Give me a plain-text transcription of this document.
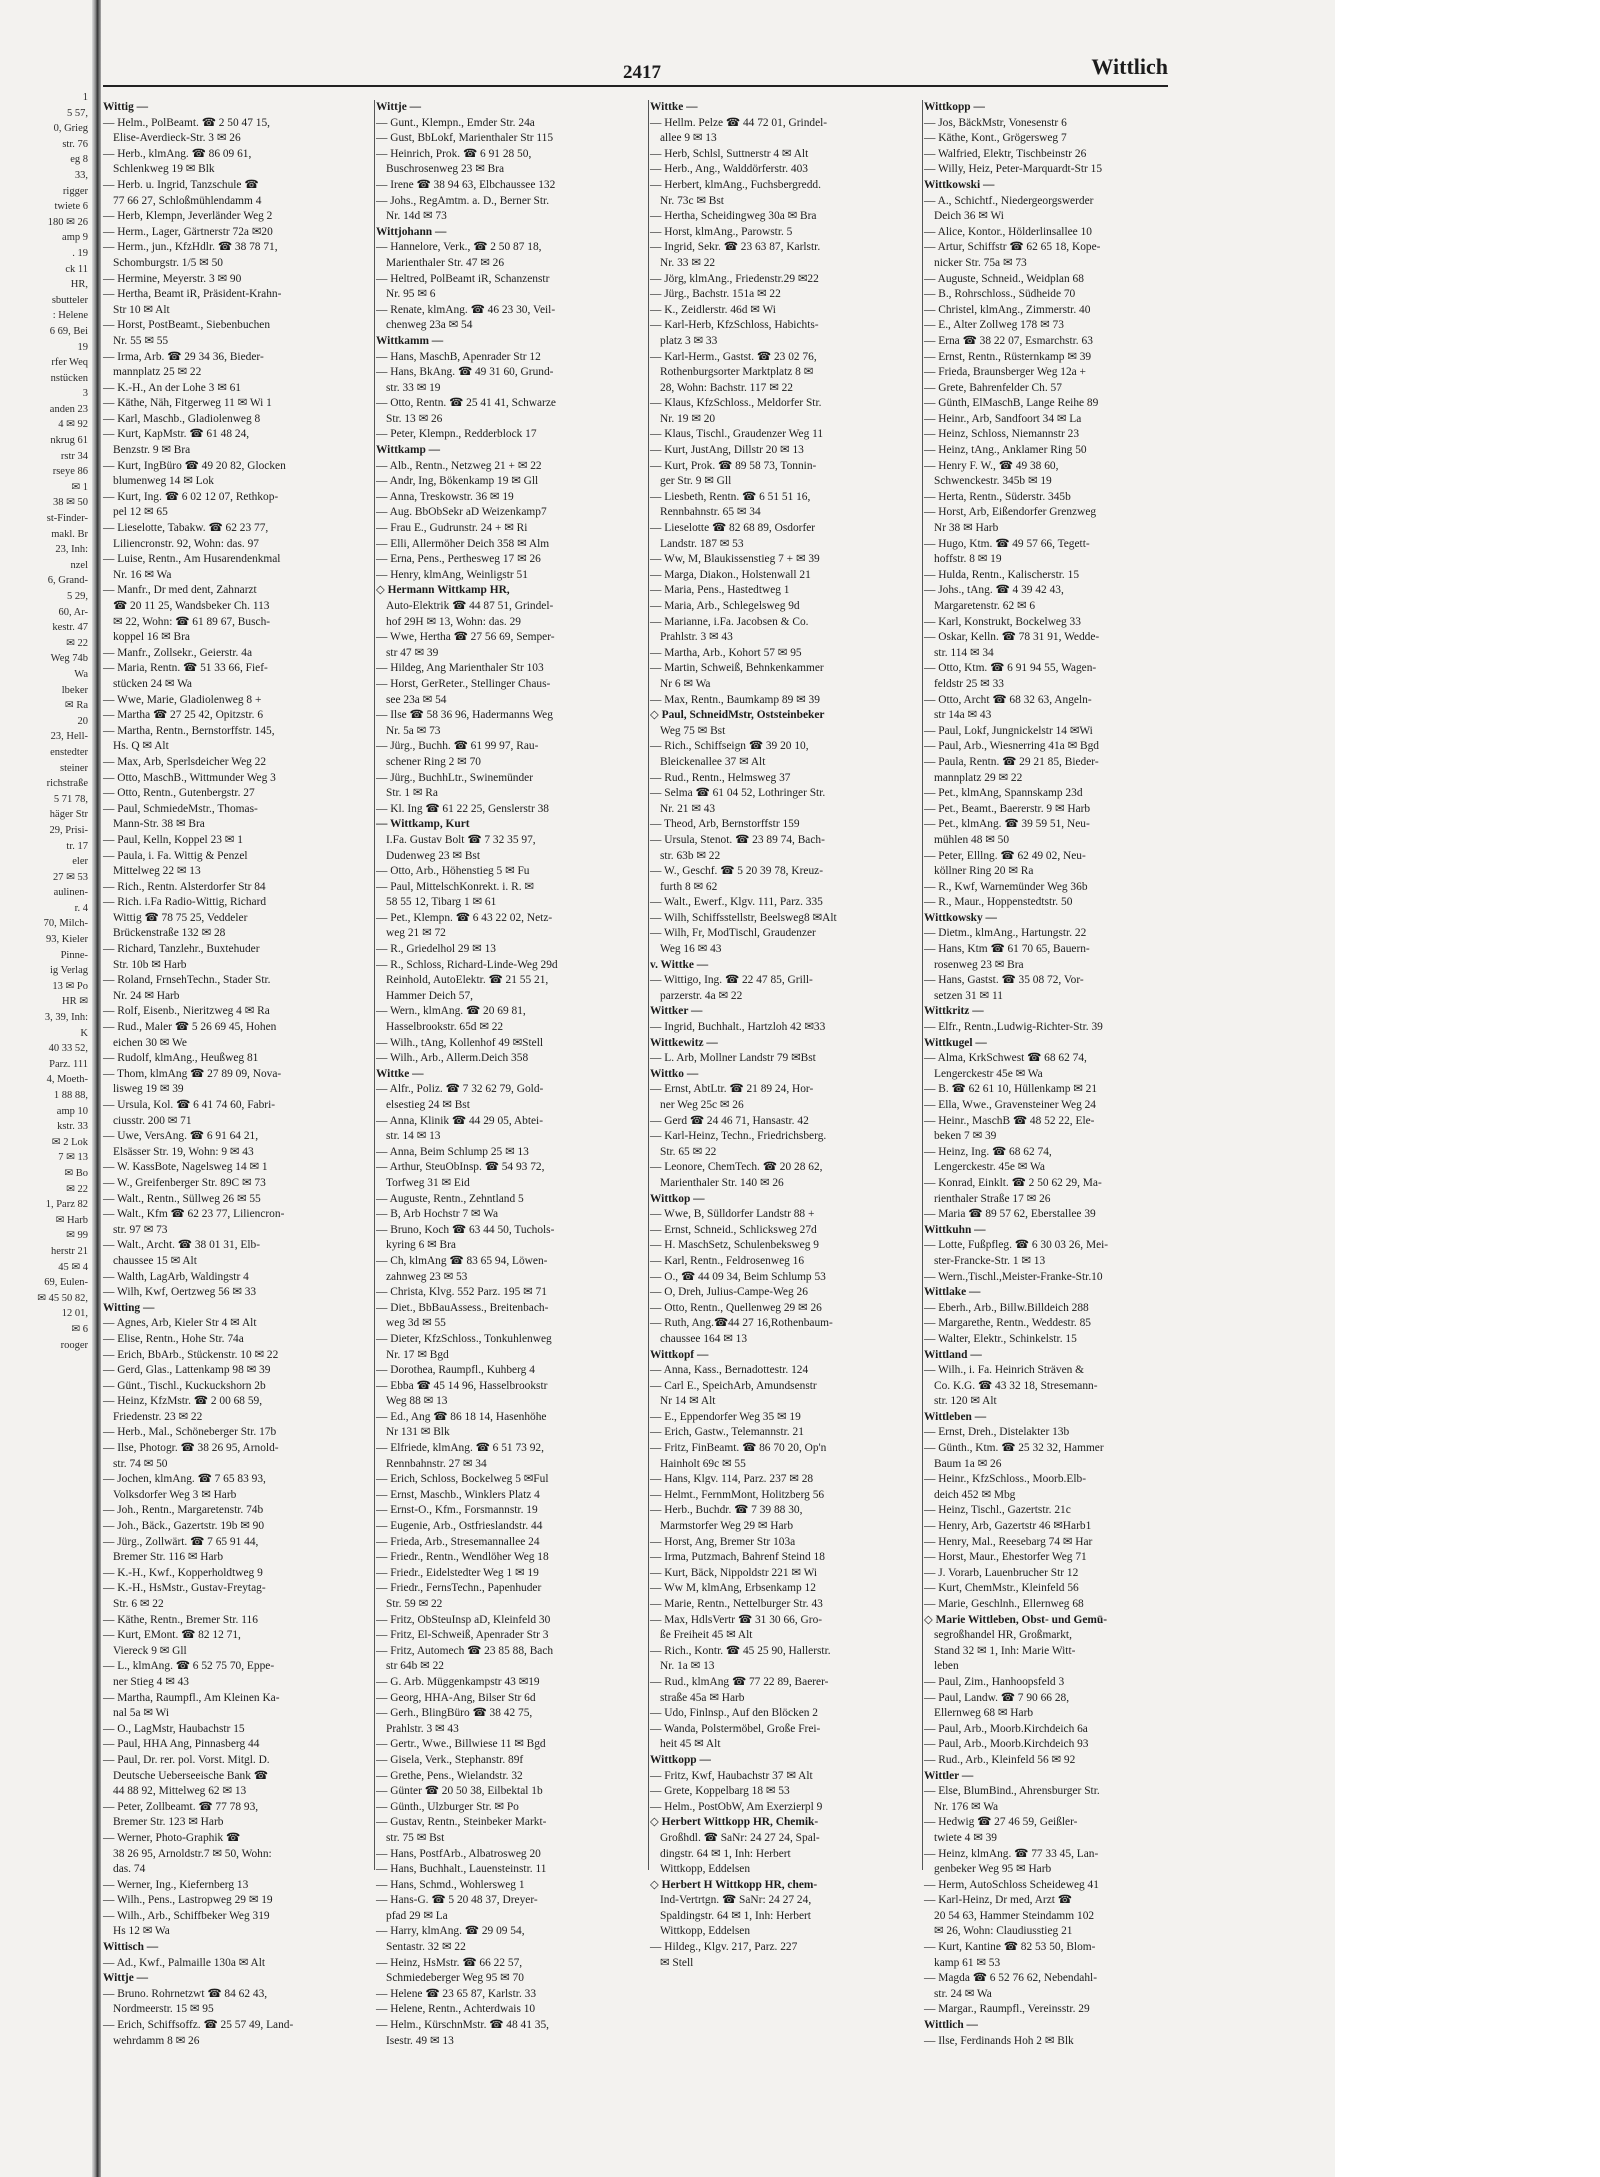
1
5 57,
0, Grieg
str. 76
eg 8
33,
rigger
twiete 6
180 ✉ 26
amp 9
. 19
ck 11
HR,
sbutteler
: Helene
6 69, Bei
19
rfer Weq
nstücken
3
anden 23
4 ✉ 92
nkrug 61
rstr 34
rseye 86
✉ 1
38 ✉ 50
st-Finder-
makl. Br
23, Inh:
nzel
6, Grand-
5 29,
60, Ar-
kestr. 47
✉ 22
Weg 74b
Wa
lbeker
✉ Ra
20
23, Hell-
enstedter
steiner
richstraße
5 71 78,
häger Str
29, Prisi-
tr. 17
eler
27 ✉ 53
aulinen-
r. 4
70, Milch-
93, Kieler
Pinne-
ig Verlag
13 ✉ Po
HR ✉
3, 39, Inh:
K
40 33 52,
Parz. 111
4, Moeth-
1 88 88,
amp 10
kstr. 33
✉ 2 Lok
7 ✉ 13
✉ Bo
✉ 22
1, Parz 82
✉ Harb
✉ 99
herstr 21
45 ✉ 4
69, Eulen-
✉ 45 50 82,
12 01,
✉ 6
rooger
2417	Wittlich
Wittig —
— Helm., PolBeamt. ☎ 2 50 47 15,
Elise-Averdieck-Str. 3 ✉ 26
— Herb., klmAng. ☎ 86 09 61,
Schlenkweg 19 ✉ Blk
— Herb. u. Ingrid, Tanzschule ☎
77 66 27, Schloßmühlendamm 4
— Herb, Klempn, Jeverländer Weg 2
— Herm., Lager, Gärtnerstr 72a ✉20
— Herm., jun., KfzHdlr. ☎ 38 78 71,
Schomburgstr. 1/5 ✉ 50
— Hermine, Meyerstr. 3 ✉ 90
— Hertha, Beamt iR, Präsident-Krahn-
Str 10 ✉ Alt
— Horst, PostBeamt., Siebenbuchen
Nr. 55 ✉ 55
— Irma, Arb. ☎ 29 34 36, Bieder-
mannplatz 25 ✉ 22
— K.-H., An der Lohe 3 ✉ 61
— Käthe, Näh, Fitgerweg 11 ✉ Wi 1
— Karl, Maschb., Gladiolenweg 8
— Kurt, KapMstr. ☎ 61 48 24,
Benzstr. 9 ✉ Bra
— Kurt, IngBüro ☎ 49 20 82, Glocken
blumenweg 14 ✉ Lok
— Kurt, Ing. ☎ 6 02 12 07, Rethkop-
pel 12 ✉ 65
— Lieselotte, Tabakw. ☎ 62 23 77,
Liliencronstr. 92, Wohn: das. 97
— Luise, Rentn., Am Husarendenkmal
Nr. 16 ✉ Wa
— Manfr., Dr med dent, Zahnarzt
☎ 20 11 25, Wandsbeker Ch. 113
✉ 22, Wohn: ☎ 61 89 67, Busch-
koppel 16 ✉ Bra
— Manfr., Zollsekr., Geierstr. 4a
— Maria, Rentn. ☎ 51 33 66, Fief-
stücken 24 ✉ Wa
— Wwe, Marie, Gladiolenweg 8 +
— Martha ☎ 27 25 42, Opitzstr. 6
— Martha, Rentn., Bernstorffstr. 145,
Hs. Q ✉ Alt
— Max, Arb, Sperlsdeicher Weg 22
— Otto, MaschB., Wittmunder Weg 3
— Otto, Rentn., Gutenbergstr. 27
— Paul, SchmiedeMstr., Thomas-
Mann-Str. 38 ✉ Bra
— Paul, Kelln, Koppel 23 ✉ 1
— Paula, i. Fa. Wittig & Penzel
Mittelweg 22 ✉ 13
— Rich., Rentn. Alsterdorfer Str 84
— Rich. i.Fa Radio-Wittig, Richard
Wittig ☎ 78 75 25, Veddeler
Brückenstraße 132 ✉ 28
— Richard, Tanzlehr., Buxtehuder
Str. 10b ✉ Harb
— Roland, FrnsehTechn., Stader Str.
Nr. 24 ✉ Harb
— Rolf, Eisenb., Nieritzweg 4 ✉ Ra
— Rud., Maler ☎ 5 26 69 45, Hohen
eichen 30 ✉ We
— Rudolf, klmAng., Heußweg 81
— Thom, klmAng ☎ 27 89 09, Nova-
lisweg 19 ✉ 39
— Ursula, Kol. ☎ 6 41 74 60, Fabri-
ciusstr. 200 ✉ 71
— Uwe, VersAng. ☎ 6 91 64 21,
Elsässer Str. 19, Wohn: 9 ✉ 43
— W. KassBote, Nagelsweg 14 ✉ 1
— W., Greifenberger Str. 89C ✉ 73
— Walt., Rentn., Süllweg 26 ✉ 55
— Walt., Kfm ☎ 62 23 77, Liliencron-
str. 97 ✉ 73
— Walt., Archt. ☎ 38 01 31, Elb-
chaussee 15 ✉ Alt
— Walth, LagArb, Waldingstr 4
— Wilh, Kwf, Oertzweg 56 ✉ 33
Witting —
— Agnes, Arb, Kieler Str 4 ✉ Alt
— Elise, Rentn., Hohe Str. 74a
— Erich, BbArb., Stückenstr. 10 ✉ 22
— Gerd, Glas., Lattenkamp 98 ✉ 39
— Günt., Tischl., Kuckuckshorn 2b
— Heinz, KfzMstr. ☎ 2 00 68 59,
Friedenstr. 23 ✉ 22
— Herb., Mal., Schöneberger Str. 17b
— Ilse, Photogr. ☎ 38 26 95, Arnold-
str. 74 ✉ 50
— Jochen, klmAng. ☎ 7 65 83 93,
Volksdorfer Weg 3 ✉ Harb
— Joh., Rentn., Margaretenstr. 74b
— Joh., Bäck., Gazertstr. 19b ✉ 90
— Jürg., Zollwärt. ☎ 7 65 91 44,
Bremer Str. 116 ✉ Harb
— K.-H., Kwf., Kopperholdtweg 9
— K.-H., HsMstr., Gustav-Freytag-
Str. 6 ✉ 22
— Käthe, Rentn., Bremer Str. 116
— Kurt, EMont. ☎ 82 12 71,
Viereck 9 ✉ Gll
— L., klmAng. ☎ 6 52 75 70, Eppe-
ner Stieg 4 ✉ 43
— Martha, Raumpfl., Am Kleinen Ka-
nal 5a ✉ Wi
— O., LagMstr, Haubachstr 15
— Paul, HHA Ang, Pinnasberg 44
— Paul, Dr. rer. pol. Vorst. Mitgl. D.
Deutsche Ueberseeische Bank ☎
44 88 92, Mittelweg 62 ✉ 13
— Peter, Zollbeamt. ☎ 77 78 93,
Bremer Str. 123 ✉ Harb
— Werner, Photo-Graphik ☎
38 26 95, Arnoldstr.7 ✉ 50, Wohn:
das. 74
— Werner, Ing., Kiefernberg 13
— Wilh., Pens., Lastropweg 29 ✉ 19
— Wilh., Arb., Schiffbeker Weg 319
Hs 12 ✉ Wa
Wittisch —
— Ad., Kwf., Palmaille 130a ✉ Alt
Wittje —
— Bruno. Rohrnetzwt ☎ 84 62 43,
Nordmeerstr. 15 ✉ 95
— Erich, Schiffsoffz. ☎ 25 57 49, Land-
wehrdamm 8 ✉ 26
Wittje —
— Gunt., Klempn., Emder Str. 24a
— Gust, BbLokf, Marienthaler Str 115
— Heinrich, Prok. ☎ 6 91 28 50,
Buschrosenweg 23 ✉ Bra
— Irene ☎ 38 94 63, Elbchaussee 132
— Johs., RegAmtm. a. D., Berner Str.
Nr. 14d ✉ 73
Wittjohann —
— Hannelore, Verk., ☎ 2 50 87 18,
Marienthaler Str. 47 ✉ 26
— Heltred, PolBeamt iR, Schanzenstr
Nr. 95 ✉ 6
— Renate, klmAng. ☎ 46 23 30, Veil-
chenweg 23a ✉ 54
Wittkamm —
— Hans, MaschB, Apenrader Str 12
— Hans, BkAng. ☎ 49 31 60, Grund-
str. 33 ✉ 19
— Otto, Rentn. ☎ 25 41 41, Schwarze
Str. 13 ✉ 26
— Peter, Klempn., Redderblock 17
Wittkamp —
— Alb., Rentn., Netzweg 21 + ✉ 22
— Andr, Ing, Bökenkamp 19 ✉ Gll
— Anna, Treskowstr. 36 ✉ 19
— Aug. BbObSekr aD Weizenkamp7
— Frau E., Gudrunstr. 24 + ✉ Ri
— Elli, Allermöher Deich 358 ✉ Alm
— Erna, Pens., Perthesweg 17 ✉ 26
— Henry, klmAng, Weinligstr 51
◇ Hermann Wittkamp HR,
Auto-Elektrik ☎ 44 87 51, Grindel-
hof 29H ✉ 13, Wohn: das. 29
— Wwe, Hertha ☎ 27 56 69, Semper-
str 47 ✉ 39
— Hildeg, Ang Marienthaler Str 103
— Horst, GerReter., Stellinger Chaus-
see 23a ✉ 54
— Ilse ☎ 58 36 96, Hadermanns Weg
Nr. 5a ✉ 73
— Jürg., Buchh. ☎ 61 99 97, Rau-
schener Ring 2 ✉ 70
— Jürg., BuchhLtr., Swinemünder
Str. 1 ✉ Ra
— Kl. Ing ☎ 61 22 25, Genslerstr 38
— Wittkamp, Kurt
I.Fa. Gustav Bolt ☎ 7 32 35 97,
Dudenweg 23 ✉ Bst
— Otto, Arb., Höhenstieg 5 ✉ Fu
— Paul, MittelschKonrekt. i. R. ✉
58 55 12, Tibarg 1 ✉ 61
— Pet., Klempn. ☎ 6 43 22 02, Netz-
weg 21 ✉ 72
— R., Griedelhol 29 ✉ 13
— R., Schloss, Richard-Linde-Weg 29d
Reinhold, AutoElektr. ☎ 21 55 21,
Hammer Deich 57,
— Wern., klmAng. ☎ 20 69 81,
Hasselbrookstr. 65d ✉ 22
— Wilh., tAng, Kollenhof 49 ✉Stell
— Wilh., Arb., Allerm.Deich 358
Wittke —
— Alfr., Poliz. ☎ 7 32 62 79, Gold-
elsestieg 24 ✉ Bst
— Anna, Klinik ☎ 44 29 05, Abtei-
str. 14 ✉ 13
— Anna, Beim Schlump 25 ✉ 13
— Arthur, SteuObInsp. ☎ 54 93 72,
Torfweg 31 ✉ Eid
— Auguste, Rentn., Zehntland 5
— B, Arb Hochstr 7 ✉ Wa
— Bruno, Koch ☎ 63 44 50, Tuchols-
kyring 6 ✉ Bra
— Ch, klmAng ☎ 83 65 94, Löwen-
zahnweg 23 ✉ 53
— Christa, Klvg. 552 Parz. 195 ✉ 71
— Diet., BbBauAssess., Breitenbach-
weg 3d ✉ 55
— Dieter, KfzSchloss., Tonkuhlenweg
Nr. 17 ✉ Bgd
— Dorothea, Raumpfl., Kuhberg 4
— Ebba ☎ 45 14 96, Hasselbrookstr
Weg 88 ✉ 13
— Ed., Ang ☎ 86 18 14, Hasenhöhe
Nr 131 ✉ Blk
— Elfriede, klmAng. ☎ 6 51 73 92,
Rennbahnstr. 27 ✉ 34
— Erich, Schloss, Bockelweg 5 ✉Ful
— Ernst, Maschb., Winklers Platz 4
— Ernst-O., Kfm., Forsmannstr. 19
— Eugenie, Arb., Ostfrieslandstr. 44
— Frieda, Arb., Stresemannallee 24
— Friedr., Rentn., Wendlöher Weg 18
— Friedr., Eidelstedter Weg 1 ✉ 19
— Friedr., FernsTechn., Papenhuder
Str. 59 ✉ 22
— Fritz, ObSteuInsp aD, Kleinfeld 30
— Fritz, El-Schweiß, Apenrader Str 3
— Fritz, Automech ☎ 23 85 88, Bach
str 64b ✉ 22
— G. Arb. Müggenkampstr 43 ✉19
— Georg, HHA-Ang, Bilser Str 6d
— Gerh., BlingBüro ☎ 38 42 75,
Prahlstr. 3 ✉ 43
— Gertr., Wwe., Billwiese 11 ✉ Bgd
— Gisela, Verk., Stephanstr. 89f
— Grethe, Pens., Wielandstr. 32
— Günter ☎ 20 50 38, Eilbektal 1b
— Günth., Ulzburger Str. ✉ Po
— Gustav, Rentn., Steinbeker Markt-
str. 75 ✉ Bst
— Hans, PostfArb., Albatrosweg 20
— Hans, Buchhalt., Lauensteinstr. 11
— Hans, Schmd., Wohlersweg 1
— Hans-G. ☎ 5 20 48 37, Dreyer-
pfad 29 ✉ La
— Harry, klmAng. ☎ 29 09 54,
Sentastr. 32 ✉ 22
— Heinz, HsMstr. ☎ 66 22 57,
Schmiedeberger Weg 95 ✉ 70
— Helene ☎ 23 65 87, Karlstr. 33
— Helene, Rentn., Achterdwais 10
— Helm., KürschnMstr. ☎ 48 41 35,
Isestr. 49 ✉ 13
Wittke —
— Hellm. Pelze ☎ 44 72 01, Grindel-
allee 9 ✉ 13
— Herb, Schlsl, Suttnerstr 4 ✉ Alt
— Herb., Ang., Walddörferstr. 403
— Herbert, klmAng., Fuchsbergredd.
Nr. 73c ✉ Bst
— Hertha, Scheidingweg 30a ✉ Bra
— Horst, klmAng., Parowstr. 5
— Ingrid, Sekr. ☎ 23 63 87, Karlstr.
Nr. 33 ✉ 22
— Jörg, klmAng., Friedenstr.29 ✉22
— Jürg., Bachstr. 151a ✉ 22
— K., Zeidlerstr. 46d ✉ Wi
— Karl-Herb, KfzSchloss, Habichts-
platz 3 ✉ 33
— Karl-Herm., Gastst. ☎ 23 02 76,
Rothenburgsorter Marktplatz 8 ✉
28, Wohn: Bachstr. 117 ✉ 22
— Klaus, KfzSchloss., Meldorfer Str.
Nr. 19 ✉ 20
— Klaus, Tischl., Graudenzer Weg 11
— Kurt, JustAng, Dillstr 20 ✉ 13
— Kurt, Prok. ☎ 89 58 73, Tonnin-
ger Str. 9 ✉ Gll
— Liesbeth, Rentn. ☎ 6 51 51 16,
Rennbahnstr. 65 ✉ 34
— Lieselotte ☎ 82 68 89, Osdorfer
Landstr. 187 ✉ 53
— Ww, M, Blaukissenstieg 7 + ✉ 39
— Marga, Diakon., Holstenwall 21
— Maria, Pens., Hastedtweg 1
— Maria, Arb., Schlegelsweg 9d
— Marianne, i.Fa. Jacobsen & Co.
Prahlstr. 3 ✉ 43
— Martha, Arb., Kohort 57 ✉ 95
— Martin, Schweiß, Behnkenkammer
Nr 6 ✉ Wa
— Max, Rentn., Baumkamp 89 ✉ 39
◇ Paul, SchneidMstr, Oststeinbeker
Weg 75 ✉ Bst
— Rich., Schiffseign ☎ 39 20 10,
Bleickenallee 37 ✉ Alt
— Rud., Rentn., Helmsweg 37
— Selma ☎ 61 04 52, Lothringer Str.
Nr. 21 ✉ 43
— Theod, Arb, Bernstorffstr 159
— Ursula, Stenot. ☎ 23 89 74, Bach-
str. 63b ✉ 22
— W., Geschf. ☎ 5 20 39 78, Kreuz-
furth 8 ✉ 62
— Walt., Ewerf., Klgv. 111, Parz. 335
— Wilh, Schiffsstellstr, Beelsweg8 ✉Alt
— Wilh, Fr, ModTischl, Graudenzer
Weg 16 ✉ 43
v. Wittke —
— Wittigo, Ing. ☎ 22 47 85, Grill-
parzerstr. 4a ✉ 22
Wittker —
— Ingrid, Buchhalt., Hartzloh 42 ✉33
Wittkewitz —
— L. Arb, Mollner Landstr 79 ✉Bst
Wittko —
— Ernst, AbtLtr. ☎ 21 89 24, Hor-
ner Weg 25c ✉ 26
— Gerd ☎ 24 46 71, Hansastr. 42
— Karl-Heinz, Techn., Friedrichsberg.
Str. 65 ✉ 22
— Leonore, ChemTech. ☎ 20 28 62,
Marienthaler Str. 140 ✉ 26
Wittkop —
— Wwe, B, Sülldorfer Landstr 88 +
— Ernst, Schneid., Schlicksweg 27d
— H. MaschSetz, Schulenbeksweg 9
— Karl, Rentn., Feldrosenweg 16
— O., ☎ 44 09 34, Beim Schlump 53
— O, Dreh, Julius-Campe-Weg 26
— Otto, Rentn., Quellenweg 29 ✉ 26
— Ruth, Ang.☎44 27 16,Rothenbaum-
chaussee 164 ✉ 13
Wittkopf —
— Anna, Kass., Bernadottestr. 124
— Carl E., SpeichArb, Amundsenstr
Nr 14 ✉ Alt
— E., Eppendorfer Weg 35 ✉ 19
— Erich, Gastw., Telemannstr. 21
— Fritz, FinBeamt. ☎ 86 70 20, Op'n
Hainholt 69c ✉ 55
— Hans, Klgv. 114, Parz. 237 ✉ 28
— Helmt., FernmMont, Holitzberg 56
— Herb., Buchdr. ☎ 7 39 88 30,
Marmstorfer Weg 29 ✉ Harb
— Horst, Ang, Bremer Str 103a
— Irma, Putzmach, Bahrenf Steind 18
— Kurt, Bäck, Nippoldstr 221 ✉ Wi
— Ww M, klmAng, Erbsenkamp 12
— Marie, Rentn., Nettelburger Str. 43
— Max, HdlsVertr ☎ 31 30 66, Gro-
ße Freiheit 45 ✉ Alt
— Rich., Kontr. ☎ 45 25 90, Hallerstr.
Nr. 1a ✉ 13
— Rud., klmAng ☎ 77 22 89, Baerer-
straße 45a ✉ Harb
— Udo, Finlnsp., Auf den Blöcken 2
— Wanda, Polstermöbel, Große Frei-
heit 45 ✉ Alt
Wittkopp —
— Fritz, Kwf, Haubachstr 37 ✉ Alt
— Grete, Koppelbarg 18 ✉ 53
— Helm., PostObW, Am Exerzierpl 9
◇ Herbert Wittkopp HR, Chemik-
Großhdl. ☎ SaNr: 24 27 24, Spal-
dingstr. 64 ✉ 1, Inh: Herbert
Wittkopp, Eddelsen
◇ Herbert H Wittkopp HR, chem-
Ind-Vertrtgn. ☎ SaNr: 24 27 24,
Spaldingstr. 64 ✉ 1, Inh: Herbert
Wittkopp, Eddelsen
— Hildeg., Klgv. 217, Parz. 227
✉ Stell
Wittkopp —
— Jos, BäckMstr, Vonesenstr 6
— Käthe, Kont., Grögersweg 7
— Walfried, Elektr, Tischbeinstr 26
— Willy, Heiz, Peter-Marquardt-Str 15
Wittkowski —
— A., Schichtf., Niedergeorgswerder
Deich 36 ✉ Wi
— Alice, Kontor., Hölderlinsallee 10
— Artur, Schiffstr ☎ 62 65 18, Kope-
nicker Str. 75a ✉ 73
— Auguste, Schneid., Weidplan 68
— B., Rohrschloss., Südheide 70
— Christel, klmAng., Zimmerstr. 40
— E., Alter Zollweg 178 ✉ 73
— Erna ☎ 38 22 07, Esmarchstr. 63
— Ernst, Rentn., Rüsternkamp ✉ 39
— Frieda, Braunsberger Weg 12a +
— Grete, Bahrenfelder Ch. 57
— Günth, ElMaschB, Lange Reihe 89
— Heinr., Arb, Sandfoort 34 ✉ La
— Heinz, Schloss, Niemannstr 23
— Heinz, tAng., Anklamer Ring 50
— Henry F. W., ☎ 49 38 60,
Schwenckestr. 345b ✉ 19
— Herta, Rentn., Süderstr. 345b
— Horst, Arb, Eißendorfer Grenzweg
Nr 38 ✉ Harb
— Hugo, Ktm. ☎ 49 57 66, Tegett-
hoffstr. 8 ✉ 19
— Hulda, Rentn., Kalischerstr. 15
— Johs., tAng. ☎ 4 39 42 43,
Margaretenstr. 62 ✉ 6
— Karl, Konstrukt, Bockelweg 33
— Oskar, Kelln. ☎ 78 31 91, Wedde-
str. 114 ✉ 34
— Otto, Ktm. ☎ 6 91 94 55, Wagen-
feldstr 25 ✉ 33
— Otto, Archt ☎ 68 32 63, Angeln-
str 14a ✉ 43
— Paul, Lokf, Jungnickelstr 14 ✉Wi
— Paul, Arb., Wiesnerring 41a ✉ Bgd
— Paula, Rentn. ☎ 29 21 85, Bieder-
mannplatz 29 ✉ 22
— Pet., klmAng, Spannskamp 23d
— Pet., Beamt., Baererstr. 9 ✉ Harb
— Pet., klmAng. ☎ 39 59 51, Neu-
mühlen 48 ✉ 50
— Peter, Elllng. ☎ 62 49 02, Neu-
köllner Ring 20 ✉ Ra
— R., Kwf, Warnemünder Weg 36b
— R., Maur., Hoppenstedtstr. 50
Wittkowsky —
— Dietm., klmAng., Hartungstr. 22
— Hans, Ktm ☎ 61 70 65, Bauern-
rosenweg 23 ✉ Bra
— Hans, Gastst. ☎ 35 08 72, Vor-
setzen 31 ✉ 11
Wittkritz —
— Elfr., Rentn.,Ludwig-Richter-Str. 39
Wittkugel —
— Alma, KrkSchwest ☎ 68 62 74,
Lengerckestr 45e ✉ Wa
— B. ☎ 62 61 10, Hüllenkamp ✉ 21
— Ella, Wwe., Gravensteiner Weg 24
— Heinr., MaschB ☎ 48 52 22, Ele-
beken 7 ✉ 39
— Heinz, Ing. ☎ 68 62 74,
Lengerckestr. 45e ✉ Wa
— Konrad, Einklt. ☎ 2 50 62 29, Ma-
rienthaler Straße 17 ✉ 26
— Maria ☎ 89 57 62, Eberstallee 39
Wittkuhn —
— Lotte, Fußpfleg. ☎ 6 30 03 26, Mei-
ster-Francke-Str. 1 ✉ 13
— Wern.,Tischl.,Meister-Franke-Str.10
Wittlake —
— Eberh., Arb., Billw.Billdeich 288
— Margarethe, Rentn., Weddestr. 85
— Walter, Elektr., Schinkelstr. 15
Wittland —
— Wilh., i. Fa. Heinrich Sträven &
Co. K.G. ☎ 43 32 18, Stresemann-
str. 120 ✉ Alt
Wittleben —
— Ernst, Dreh., Distelakter 13b
— Günth., Ktm. ☎ 25 32 32, Hammer
Baum 1a ✉ 26
— Heinr., KfzSchloss., Moorb.Elb-
deich 452 ✉ Mbg
— Heinz, Tischl., Gazertstr. 21c
— Henry, Arb, Gazertstr 46 ✉Harb1
— Henry, Mal., Reesebarg 74 ✉ Har
— Horst, Maur., Ehestorfer Weg 71
— J. Vorarb, Lauenbrucher Str 12
— Kurt, ChemMstr., Kleinfeld 56
— Marie, Geschlnh., Ellernweg 68
◇ Marie Wittleben, Obst- und Gemü-
segroßhandel HR, Großmarkt,
Stand 32 ✉ 1, Inh: Marie Witt-
leben
— Paul, Zim., Hanhoopsfeld 3
— Paul, Landw. ☎ 7 90 66 28,
Ellernweg 68 ✉ Harb
— Paul, Arb., Moorb.Kirchdeich 6a
— Paul, Arb., Moorb.Kirchdeich 93
— Rud., Arb., Kleinfeld 56 ✉ 92
Wittler —
— Else, BlumBind., Ahrensburger Str.
Nr. 176 ✉ Wa
— Hedwig ☎ 27 46 59, Geißler-
twiete 4 ✉ 39
— Heinz, klmAng. ☎ 77 33 45, Lan-
genbeker Weg 95 ✉ Harb
— Herm, AutoSchloss Scheideweg 41
— Karl-Heinz, Dr med, Arzt ☎
20 54 63, Hammer Steindamm 102
✉ 26, Wohn: Claudiusstieg 21
— Kurt, Kantine ☎ 82 53 50, Blom-
kamp 61 ✉ 53
— Magda ☎ 6 52 76 62, Nebendahl-
str. 24 ✉ Wa
— Margar., Raumpfl., Vereinsstr. 29
Wittlich —
— Ilse, Ferdinands Hoh 2 ✉ Blk
